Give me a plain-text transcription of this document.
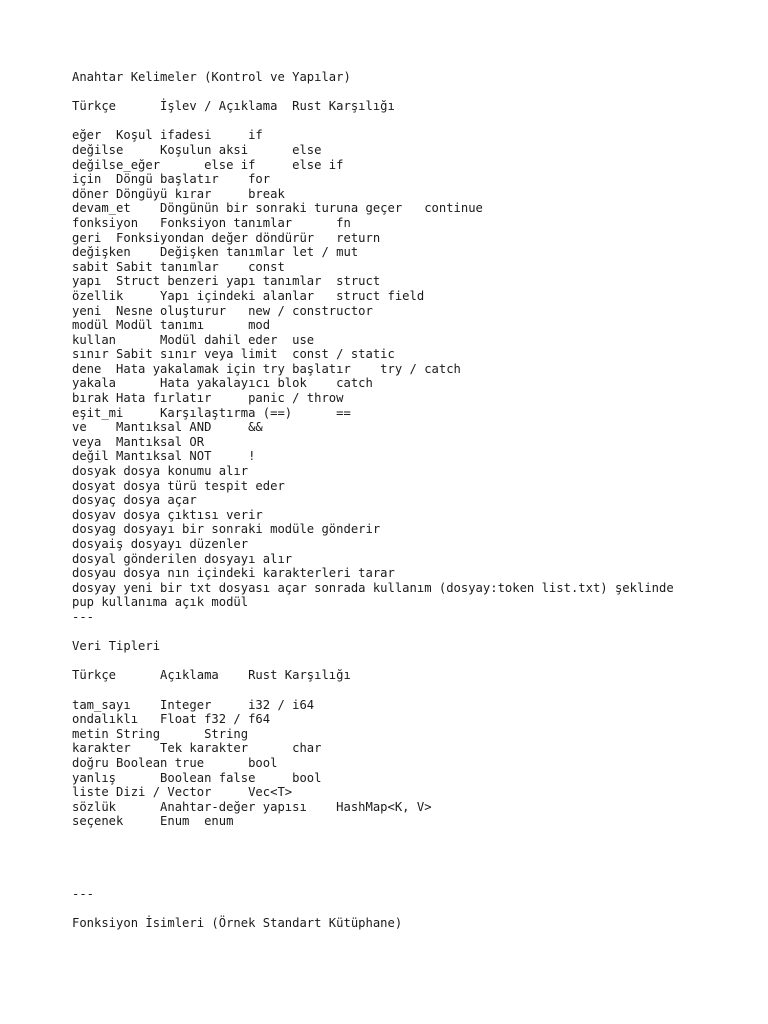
Anahtar Kelimeler (Kontrol ve Yapılar)
Türkçe      İşlev / Açıklama  Rust Karşılığı
eğer  Koşul ifadesi     if
değilse     Koşulun aksi      else
değilse_eğer      else if     else if
için  Döngü başlatır    for
döner Döngüyü kırar     break
devam_et    Döngünün bir sonraki turuna geçer   continue
fonksiyon   Fonksiyon tanımlar      fn
geri  Fonksiyondan değer döndürür   return
değişken    Değişken tanımlar let / mut
sabit Sabit tanımlar    const
yapı  Struct benzeri yapı tanımlar  struct
özellik     Yapı içindeki alanlar   struct field
yeni  Nesne oluşturur   new / constructor
modül Modül tanımı      mod
kullan      Modül dahil eder  use
sınır Sabit sınır veya limit  const / static
dene  Hata yakalamak için try başlatır    try / catch
yakala      Hata yakalayıcı blok    catch
bırak Hata fırlatır     panic / throw
eşit_mi     Karşılaştırma (==)      ==
ve    Mantıksal AND     &&
veya  Mantıksal OR
değil Mantıksal NOT     !
dosyak dosya konumu alır
dosyat dosya türü tespit eder
dosyaç dosya açar
dosyav dosya çıktısı verir
dosyag dosyayı bir sonraki modüle gönderir
dosyaiş dosyayı düzenler
dosyal gönderilen dosyayı alır
dosyau dosya nın içindeki karakterleri tarar
dosyay yeni bir txt dosyası açar sonrada kullanım (dosyay:token list.txt) şeklinde
pup kullanıma açık modül
---
Veri Tipleri
Türkçe      Açıklama    Rust Karşılığı
tam_sayı    Integer     i32 / i64
ondalıklı   Float f32 / f64
metin String      String
karakter    Tek karakter      char
doğru Boolean true      bool
yanlış      Boolean false     bool
liste Dizi / Vector     Vec<T>
sözlük      Anahtar-değer yapısı    HashMap<K, V>
seçenek     Enum  enum
---
Fonksiyon İsimleri (Örnek Standart Kütüphane)
